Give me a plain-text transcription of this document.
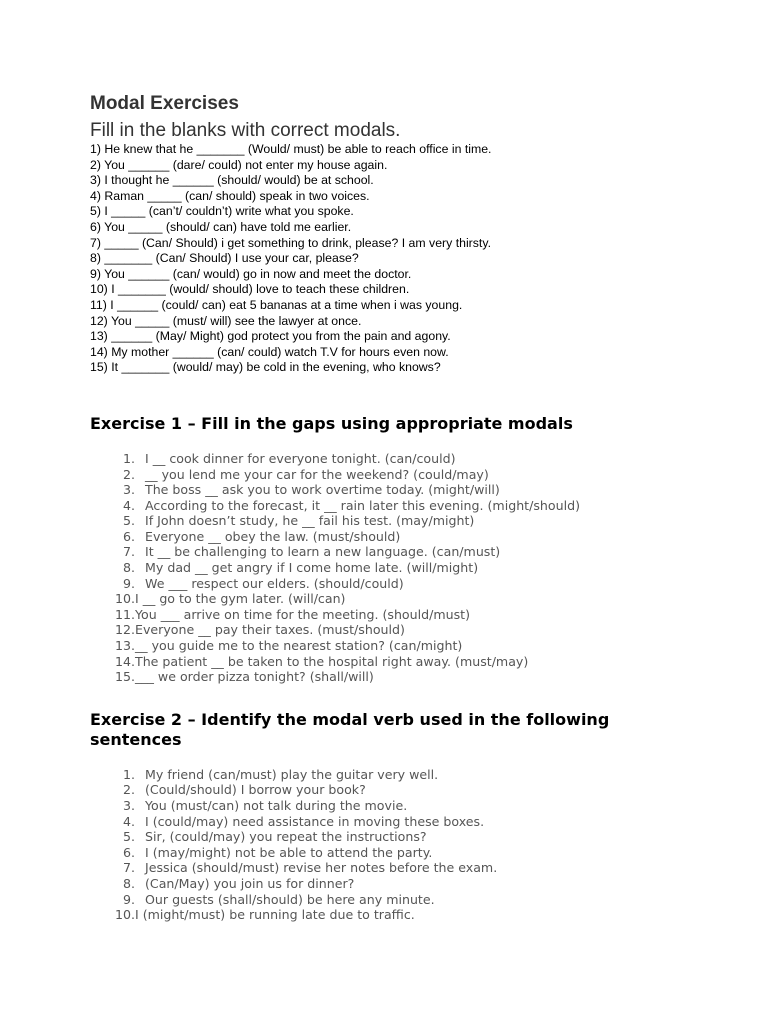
Modal Exercises
Fill in the blanks with correct modals.
1) He knew that he _______ (Would/ must) be able to reach office in time.
2) You ______ (dare/ could) not enter my house again.
3) I thought he ______ (should/ would) be at school.
4) Raman _____ (can/ should) speak in two voices.
5) I _____ (can’t/ couldn’t) write what you spoke.
6) You _____ (should/ can) have told me earlier.
7) _____ (Can/ Should) i get something to drink, please? I am very thirsty.
8) _______ (Can/ Should) I use your car, please?
9) You ______ (can/ would) go in now and meet the doctor.
10) I _______ (would/ should) love to teach these children.
11) I ______ (could/ can) eat 5 bananas at a time when i was young.
12) You _____ (must/ will) see the lawyer at once.
13) ______ (May/ Might) god protect you from the pain and agony.
14) My mother ______ (can/ could) watch T.V for hours even now.
15) It _______ (would/ may) be cold in the evening, who knows?
Exercise 1 – Fill in the gaps using appropriate modals
1. I __ cook dinner for everyone tonight. (can/could)
2. __ you lend me your car for the weekend? (could/may)
3. The boss __ ask you to work overtime today. (might/will)
4. According to the forecast, it __ rain later this evening. (might/should)
5. If John doesn’t study, he __ fail his test. (may/might)
6. Everyone __ obey the law. (must/should)
7. It __ be challenging to learn a new language. (can/must)
8. My dad __ get angry if I come home late. (will/might)
9. We ___ respect our elders. (should/could)
10. I __ go to the gym later. (will/can)
11. You ___ arrive on time for the meeting. (should/must)
12. Everyone __ pay their taxes. (must/should)
13. __ you guide me to the nearest station? (can/might)
14. The patient __ be taken to the hospital right away. (must/may)
15. ___ we order pizza tonight? (shall/will)
Exercise 2 – Identify the modal verb used in the following sentences
1. My friend (can/must) play the guitar very well.
2. (Could/should) I borrow your book?
3. You (must/can) not talk during the movie.
4. I (could/may) need assistance in moving these boxes.
5. Sir, (could/may) you repeat the instructions?
6. I (may/might) not be able to attend the party.
7. Jessica (should/must) revise her notes before the exam.
8. (Can/May) you join us for dinner?
9. Our guests (shall/should) be here any minute.
10. I (might/must) be running late due to traffic.
